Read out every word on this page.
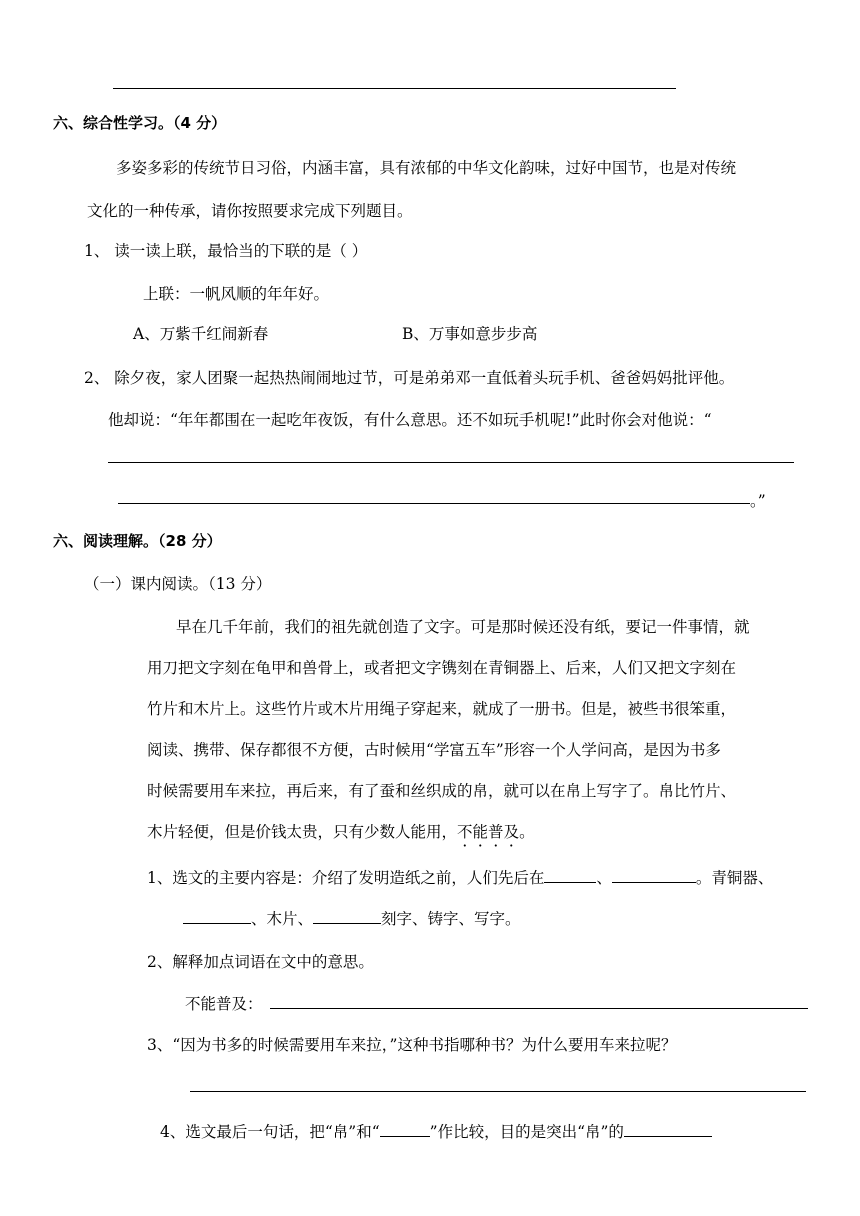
六、综合性学习。（4 分）
多姿多彩的传统节日习俗，内涵丰富，具有浓郁的中华文化韵味，过好中国节，也是对传统
文化的一种传承，请你按照要求完成下列题目。
1、 读一读上联，最恰当的下联的是（ ）
上联：一帆风顺的年年好。
A、万紫千红闹新春	B、万事如意步步高
2、 除夕夜，家人团聚一起热热闹闹地过节，可是弟弟邓一直低着头玩手机、爸爸妈妈批评他。
他却说：“年年都围在一起吃年夜饭，有什么意思。还不如玩手机呢!”此时你会对他说：“
。”
六、阅读理解。（28 分）
（一）课内阅读。（13 分）
早在几千年前，我们的祖先就创造了文字。可是那时候还没有纸，要记一件事情，就
用刀把文字刻在龟甲和兽骨上，或者把文字镌刻在青铜器上、后来，人们又把文字刻在
竹片和木片上。这些竹片或木片用绳子穿起来，就成了一册书。但是，被些书很笨重，
阅读、携带、保存都很不方便，古时候用“学富五车”形容一个人学问高，是因为书多
时候需要用车来拉，再后来，有了蚕和丝织成的帛，就可以在帛上写字了。帛比竹片、
木片轻便，但是价钱太贵，只有少数人能用，不能普及。
1、选文的主要内容是：介绍了发明造纸之前，人们先后在	、	。青铜器、
、木片、	刻字、铸字、写字。
2、解释加点词语在文中的意思。
不能普及：
3、“因为书多的时候需要用车来拉，”这种书指哪种书？为什么要用车来拉呢？
4、选文最后一句话，把“帛”和“	”作比较，目的是突出“帛”的
